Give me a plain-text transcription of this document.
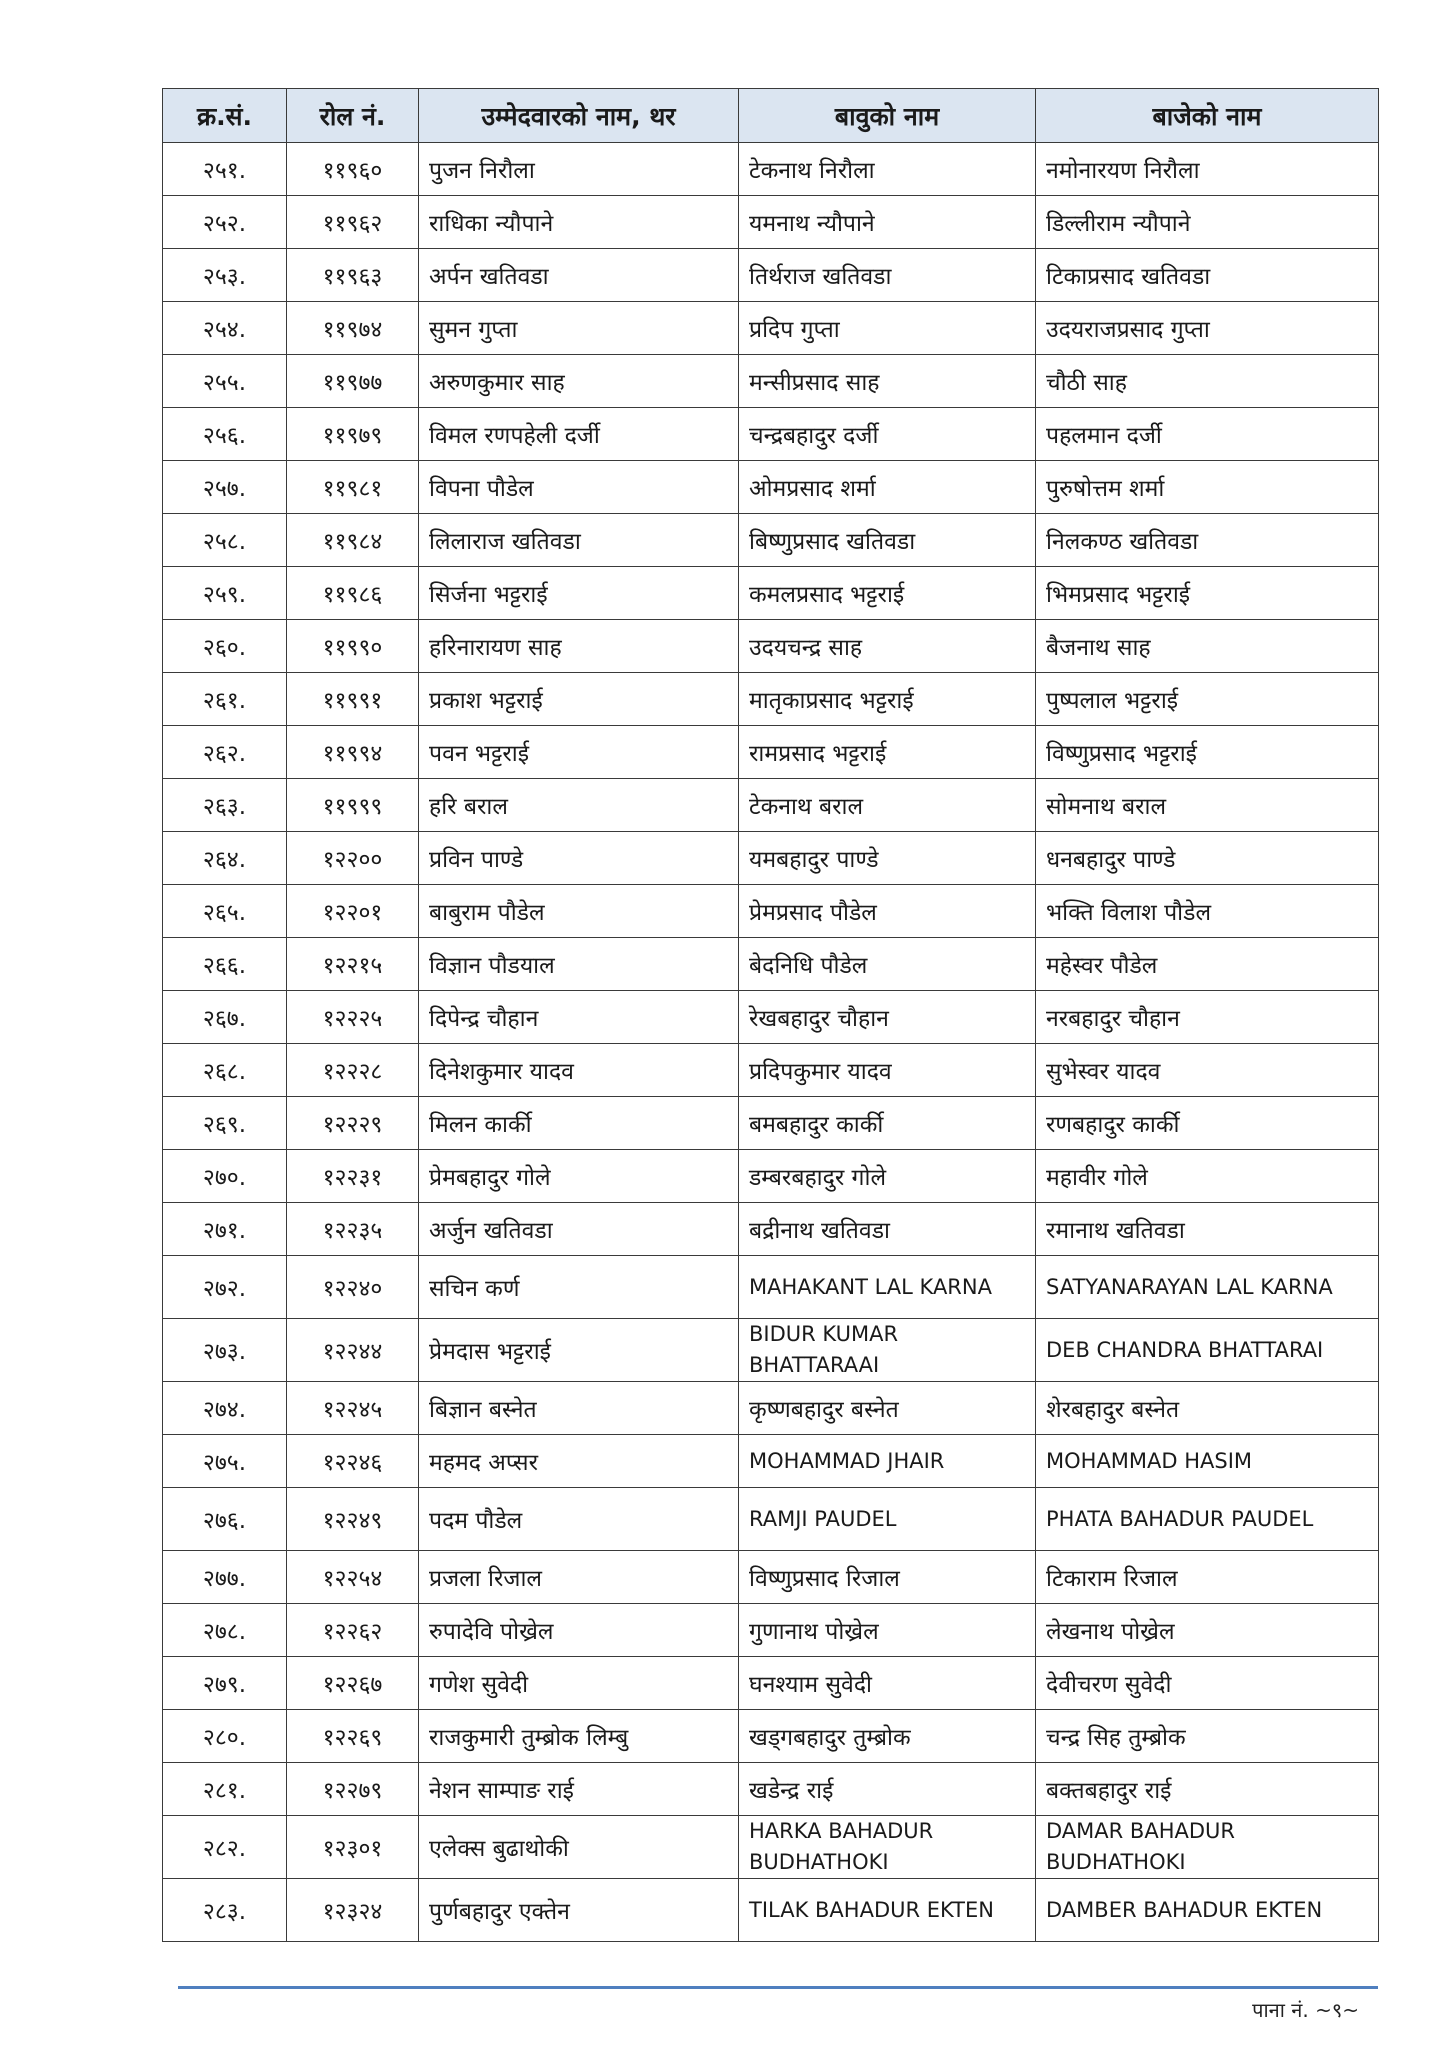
क्र.सं.	रोल नं.	उम्मेदवारको नाम, थर	बावुको नाम	बाजेको नाम
२५१.	११९६०	पुजन निरौला	टेकनाथ निरौला	नमोनारयण निरौला
२५२.	११९६२	राधिका न्यौपाने	यमनाथ न्यौपाने	डिल्लीराम न्यौपाने
२५३.	११९६३	अर्पन खतिवडा	तिर्थराज खतिवडा	टिकाप्रसाद खतिवडा
२५४.	११९७४	सुमन गुप्ता	प्रदिप गुप्ता	उदयराजप्रसाद गुप्ता
२५५.	११९७७	अरुणकुमार साह	मन्सीप्रसाद साह	चौठी साह
२५६.	११९७९	विमल रणपहेली दर्जी	चन्द्रबहादुर दर्जी	पहलमान दर्जी
२५७.	११९८१	विपना पौडेल	ओमप्रसाद शर्मा	पुरुषोत्तम शर्मा
२५८.	११९८४	लिलाराज खतिवडा	बिष्णुप्रसाद खतिवडा	निलकण्ठ खतिवडा
२५९.	११९८६	सिर्जना भट्टराई	कमलप्रसाद भट्टराई	भिमप्रसाद भट्टराई
२६०.	११९९०	हरिनारायण साह	उदयचन्द्र साह	बैजनाथ साह
२६१.	११९९१	प्रकाश भट्टराई	मातृकाप्रसाद भट्टराई	पुष्पलाल भट्टराई
२६२.	११९९४	पवन भट्टराई	रामप्रसाद भट्टराई	विष्णुप्रसाद भट्टराई
२६३.	११९९९	हरि बराल	टेकनाथ बराल	सोमनाथ बराल
२६४.	१२२००	प्रविन पाण्डे	यमबहादुर पाण्डे	धनबहादुर पाण्डे
२६५.	१२२०१	बाबुराम पौडेल	प्रेमप्रसाद पौडेल	भक्ति विलाश पौडेल
२६६.	१२२१५	विज्ञान पौडयाल	बेदनिधि पौडेल	महेस्वर पौडेल
२६७.	१२२२५	दिपेन्द्र चौहान	रेखबहादुर चौहान	नरबहादुर चौहान
२६८.	१२२२८	दिनेशकुमार यादव	प्रदिपकुमार यादव	सुभेस्वर यादव
२६९.	१२२२९	मिलन कार्की	बमबहादुर कार्की	रणबहादुर कार्की
२७०.	१२२३१	प्रेमबहादुर गोले	डम्बरबहादुर गोले	महावीर गोले
२७१.	१२२३५	अर्जुन खतिवडा	बद्रीनाथ खतिवडा	रमानाथ खतिवडा
२७२.	१२२४०	सचिन कर्ण	MAHAKANT LAL KARNA	SATYANARAYAN LAL KARNA
२७३.	१२२४४	प्रेमदास भट्टराई	BIDUR KUMAR BHATTARAAI	DEB CHANDRA BHATTARAI
२७४.	१२२४५	बिज्ञान बस्नेत	कृष्णबहादुर बस्नेत	शेरबहादुर बस्नेत
२७५.	१२२४६	महमद अप्सर	MOHAMMAD JHAIR	MOHAMMAD HASIM
२७६.	१२२४९	पदम पौडेल	RAMJI PAUDEL	PHATA BAHADUR PAUDEL
२७७.	१२२५४	प्रजला रिजाल	विष्णुप्रसाद रिजाल	टिकाराम रिजाल
२७८.	१२२६२	रुपादेवि पोख्रेल	गुणानाथ पोख्रेल	लेखनाथ पोख्रेल
२७९.	१२२६७	गणेश सुवेदी	घनश्याम सुवेदी	देवीचरण सुवेदी
२८०.	१२२६९	राजकुमारी तुम्ब्रोक लिम्बु	खड्गबहादुर तुम्ब्रोक	चन्द्र सिह तुम्ब्रोक
२८१.	१२२७९	नेशन साम्पाङ राई	खडेन्द्र राई	बक्तबहादुर राई
२८२.	१२३०१	एलेक्स बुढाथोकी	HARKA BAHADUR BUDHATHOKI	DAMAR BAHADUR BUDHATHOKI
२८३.	१२३२४	पुर्णबहादुर एक्तेन	TILAK BAHADUR EKTEN	DAMBER BAHADUR EKTEN
पाना नं. ~९~
